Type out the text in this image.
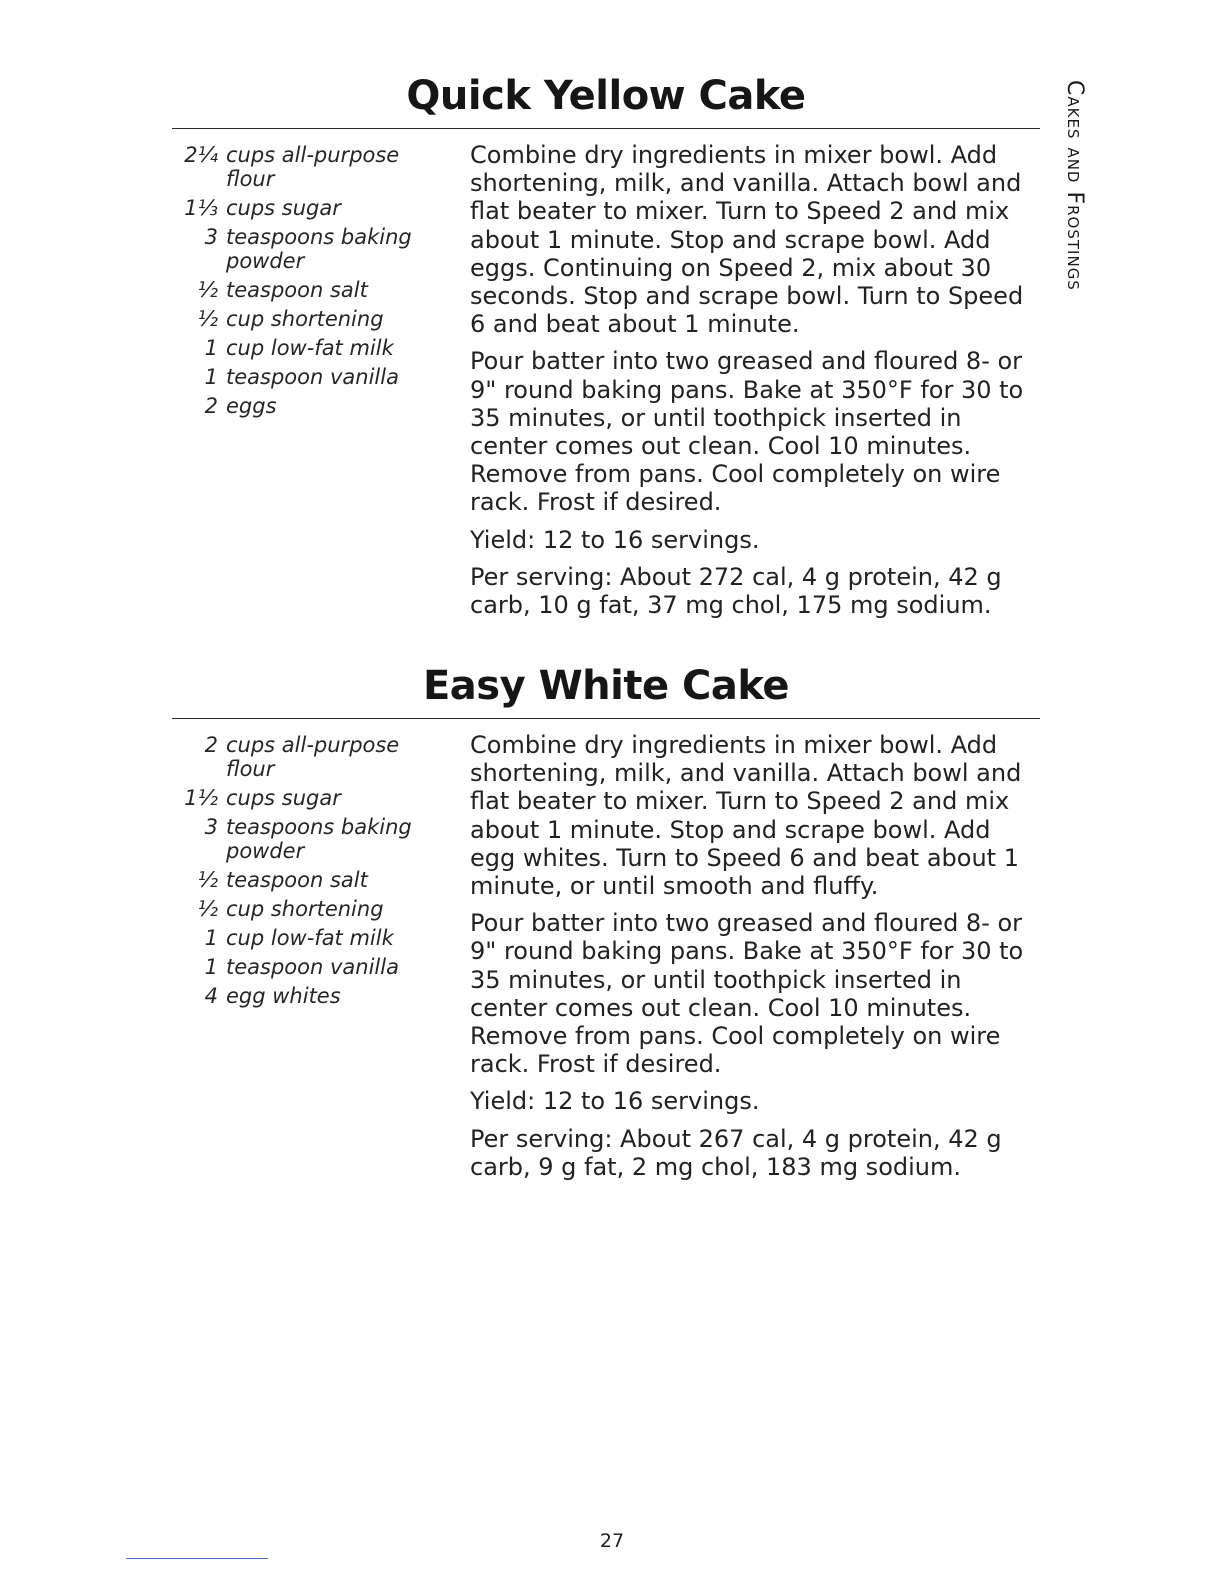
Quick Yellow Cake
2¼ cups all-purpose flour
1⅓ cups sugar
3 teaspoons baking powder
½ teaspoon salt
½ cup shortening
1 cup low-fat milk
1 teaspoon vanilla
2 eggs

Combine dry ingredients in mixer bowl. Add shortening, milk, and vanilla. Attach bowl and flat beater to mixer. Turn to Speed 2 and mix about 1 minute. Stop and scrape bowl. Add eggs. Continuing on Speed 2, mix about 30 seconds. Stop and scrape bowl. Turn to Speed 6 and beat about 1 minute.

Pour batter into two greased and floured 8- or 9" round baking pans. Bake at 350°F for 30 to 35 minutes, or until toothpick inserted in center comes out clean. Cool 10 minutes. Remove from pans. Cool completely on wire rack. Frost if desired.

Yield: 12 to 16 servings.

Per serving: About 272 cal, 4 g protein, 42 g carb, 10 g fat, 37 mg chol, 175 mg sodium.

Easy White Cake
2 cups all-purpose flour
1½ cups sugar
3 teaspoons baking powder
½ teaspoon salt
½ cup shortening
1 cup low-fat milk
1 teaspoon vanilla
4 egg whites

Combine dry ingredients in mixer bowl. Add shortening, milk, and vanilla. Attach bowl and flat beater to mixer. Turn to Speed 2 and mix about 1 minute. Stop and scrape bowl. Add egg whites. Turn to Speed 6 and beat about 1 minute, or until smooth and fluffy.

Pour batter into two greased and floured 8- or 9" round baking pans. Bake at 350°F for 30 to 35 minutes, or until toothpick inserted in center comes out clean. Cool 10 minutes. Remove from pans. Cool completely on wire rack. Frost if desired.

Yield: 12 to 16 servings.

Per serving: About 267 cal, 4 g protein, 42 g carb, 9 g fat, 2 mg chol, 183 mg sodium.

Cakes and Frostings
27
